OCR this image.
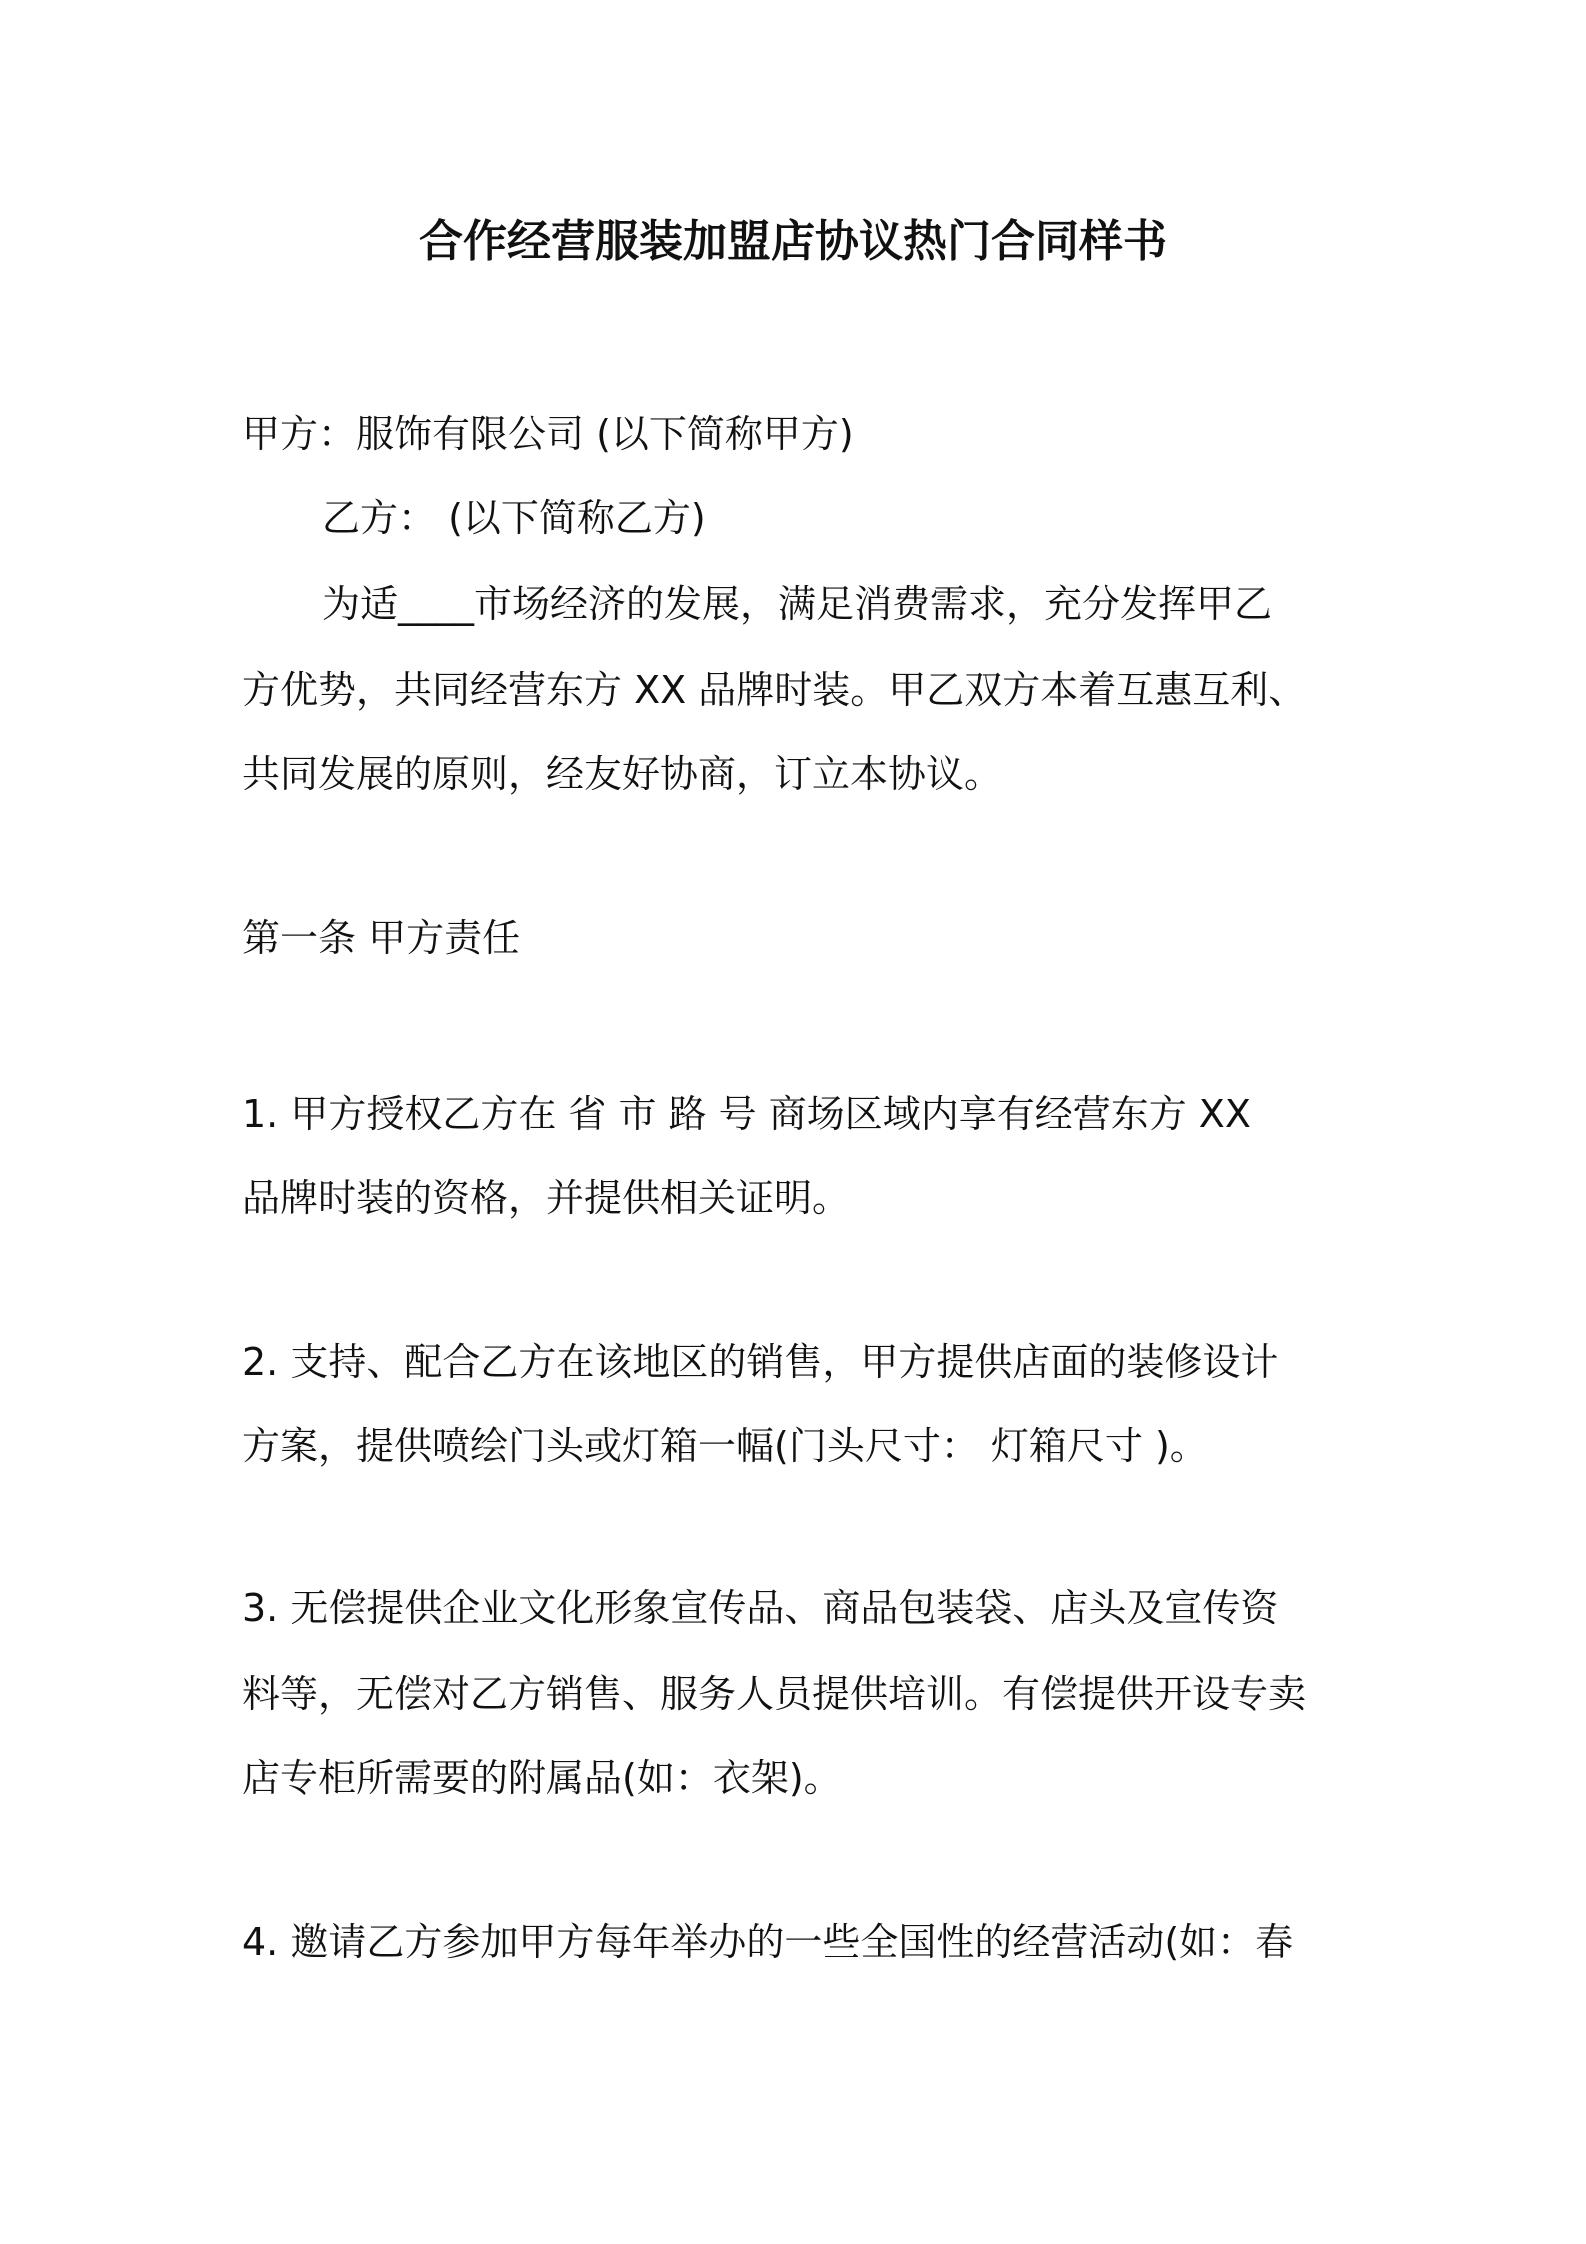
合作经营服装加盟店协议热门合同样书
甲方：服饰有限公司 (以下简称甲方)
乙方： (以下简称乙方)
为适____市场经济的发展，满足消费需求，充分发挥甲乙
方优势，共同经营东方 XX 品牌时装。甲乙双方本着互惠互利、
共同发展的原则，经友好协商，订立本协议。
第一条 甲方责任
1. 甲方授权乙方在 省 市 路 号 商场区域内享有经营东方 XX
品牌时装的资格，并提供相关证明。
2. 支持、配合乙方在该地区的销售，甲方提供店面的装修设计
方案，提供喷绘门头或灯箱一幅(门头尺寸： 灯箱尺寸 )。
3. 无偿提供企业文化形象宣传品、商品包装袋、店头及宣传资
料等，无偿对乙方销售、服务人员提供培训。有偿提供开设专卖
店专柜所需要的附属品(如：衣架)。
4. 邀请乙方参加甲方每年举办的一些全国性的经营活动(如：春
